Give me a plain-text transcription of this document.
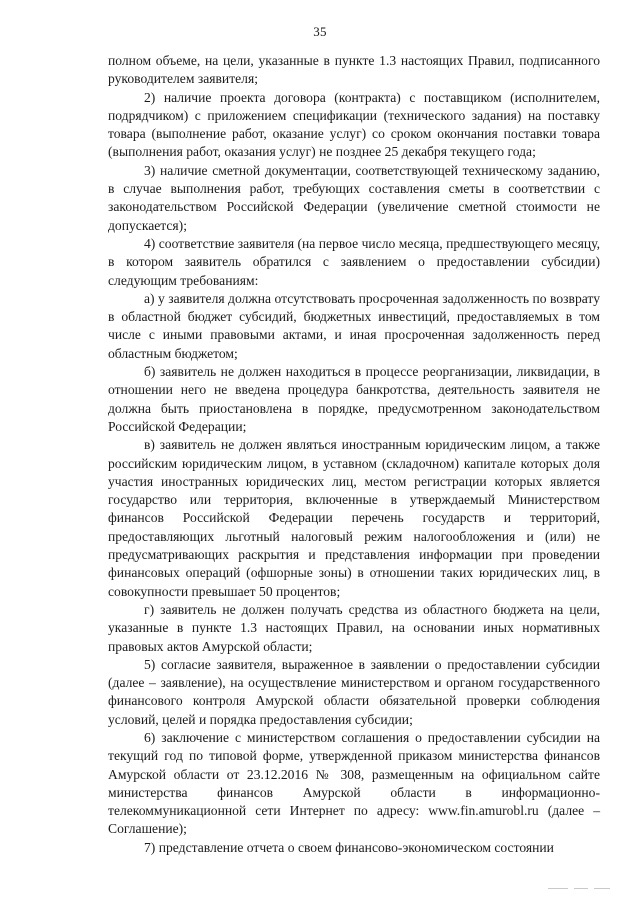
35

полном объеме, на цели, указанные в пункте 1.3 настоящих Правил, подписанного руководителем заявителя;

2) наличие проекта договора (контракта) с поставщиком (исполнителем, подрядчиком) с приложением спецификации (технического задания) на поставку товара (выполнение работ, оказание услуг) со сроком окончания поставки товара (выполнения работ, оказания услуг) не позднее 25 декабря текущего года;

3) наличие сметной документации, соответствующей техническому заданию, в случае выполнения работ, требующих составления сметы в соответствии с законодательством Российской Федерации (увеличение сметной стоимости не допускается);

4) соответствие заявителя (на первое число месяца, предшествующего месяцу, в котором заявитель обратился с заявлением о предоставлении субсидии) следующим требованиям:

а) у заявителя должна отсутствовать просроченная задолженность по возврату в областной бюджет субсидий, бюджетных инвестиций, предоставляемых в том числе с иными правовыми актами, и иная просроченная задолженность перед областным бюджетом;

б) заявитель не должен находиться в процессе реорганизации, ликвидации, в отношении него не введена процедура банкротства, деятельность заявителя не должна быть приостановлена в порядке, предусмотренном законодательством Российской Федерации;

в) заявитель не должен являться иностранным юридическим лицом, а также российским юридическим лицом, в уставном (складочном) капитале которых доля участия иностранных юридических лиц, местом регистрации которых является государство или территория, включенные в утверждаемый Министерством финансов Российской Федерации перечень государств и территорий, предоставляющих льготный налоговый режим налогообложения и (или) не предусматривающих раскрытия и представления информации при проведении финансовых операций (офшорные зоны) в отношении таких юридических лиц, в совокупности превышает 50 процентов;

г) заявитель не должен получать средства из областного бюджета на цели, указанные в пункте 1.3 настоящих Правил, на основании иных нормативных правовых актов Амурской области;

5) согласие заявителя, выраженное в заявлении о предоставлении субсидии (далее – заявление), на осуществление министерством и органом государственного финансового контроля Амурской области обязательной проверки соблюдения условий, целей и порядка предоставления субсидии;

6) заключение с министерством соглашения о предоставлении субсидии на текущий год по типовой форме, утвержденной приказом министерства финансов Амурской области от 23.12.2016 № 308, размещенным на официальном сайте министерства финансов Амурской области в информационно-телекоммуникационной сети Интернет по адресу: www.fin.amurobl.ru (далее – Соглашение);

7) представление отчета о своем финансово-экономическом состоянии
